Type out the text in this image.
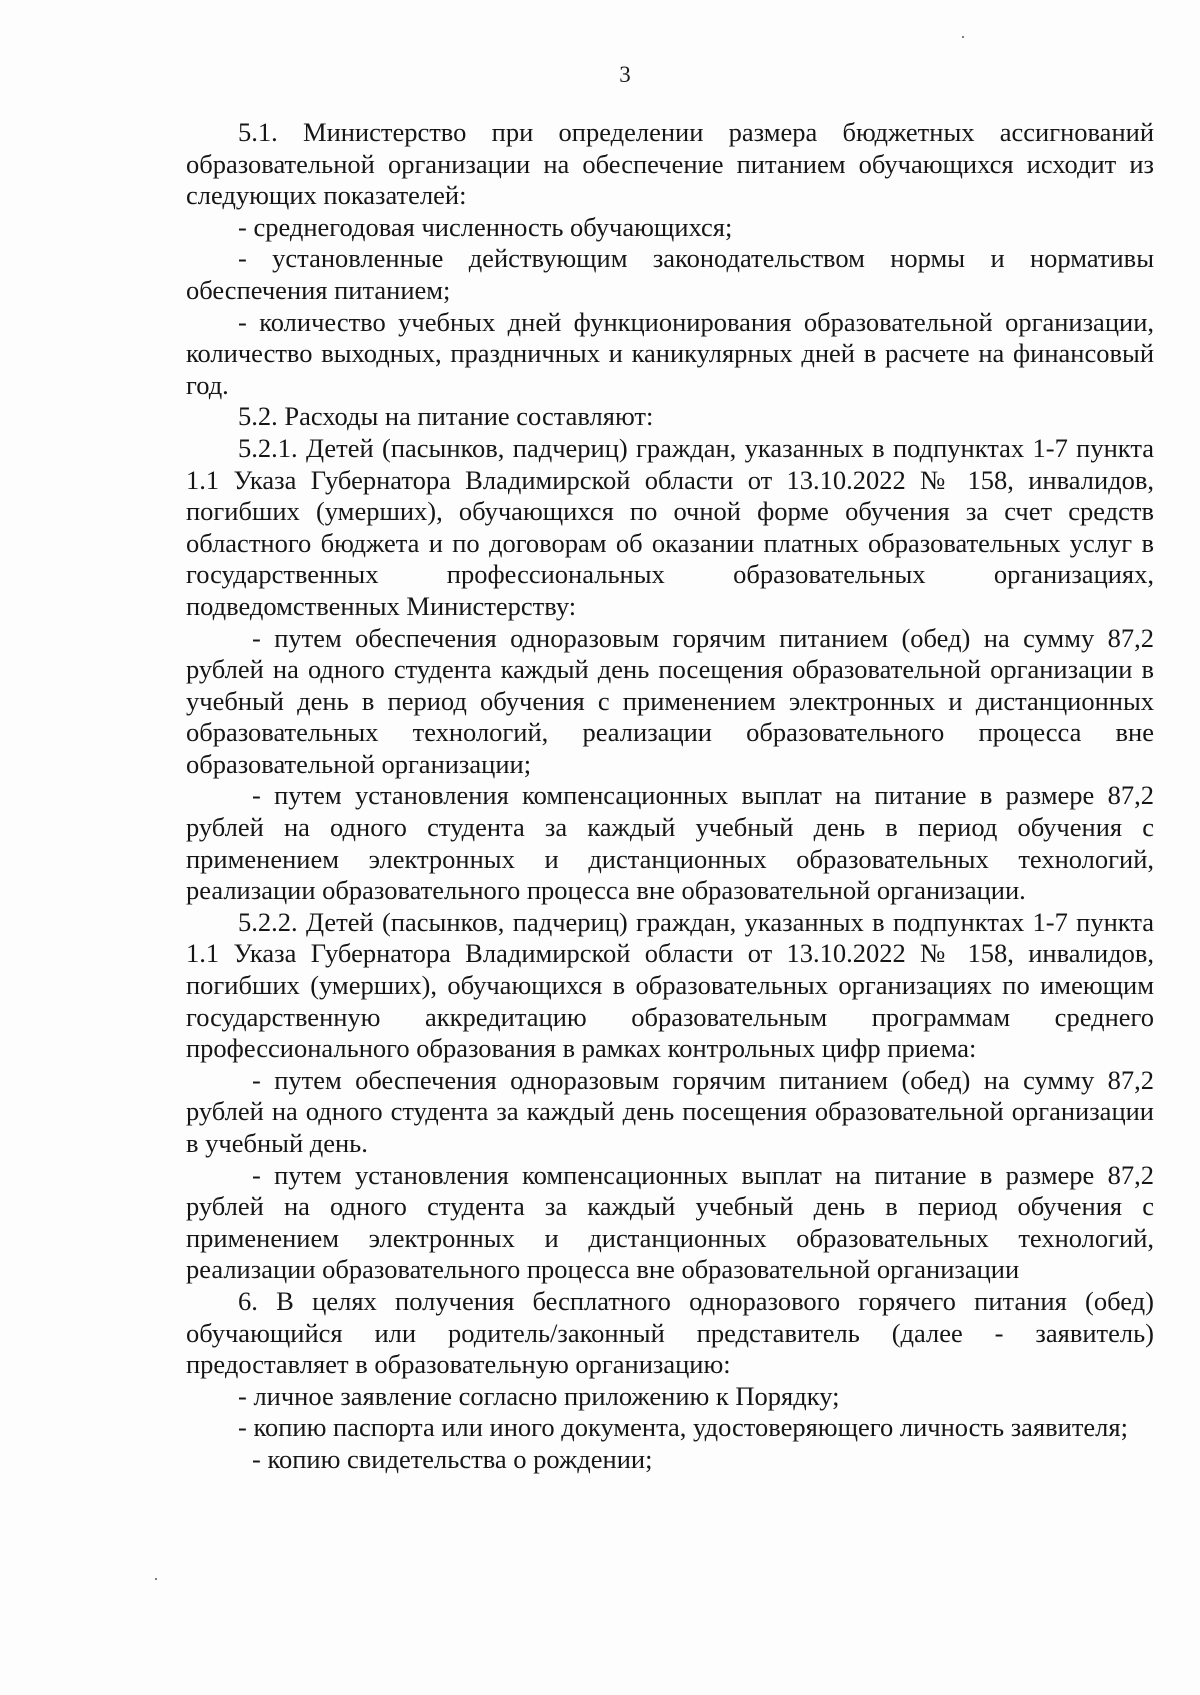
3

5.1. Министерство при определении размера бюджетных ассигнований образовательной организации на обеспечение питанием обучающихся исходит из следующих показателей:

- среднегодовая численность обучающихся;

- установленные действующим законодательством нормы и нормативы обеспечения питанием;

- количество учебных дней функционирования образовательной организации, количество выходных, праздничных и каникулярных дней в расчете на финансовый год.

5.2. Расходы на питание составляют:

5.2.1. Детей (пасынков, падчериц) граждан, указанных в подпунктах 1-7 пункта 1.1 Указа Губернатора Владимирской области от 13.10.2022 № 158, инвалидов, погибших (умерших), обучающихся по очной форме обучения за счет средств областного бюджета и по договорам об оказании платных образовательных услуг в государственных профессиональных образовательных организациях, подведомственных Министерству:

- путем обеспечения одноразовым горячим питанием (обед) на сумму 87,2 рублей на одного студента каждый день посещения образовательной организации в учебный день в период обучения с применением электронных и дистанционных образовательных технологий, реализации образовательного процесса вне образовательной организации;

- путем установления компенсационных выплат на питание в размере 87,2 рублей на одного студента за каждый учебный день в период обучения с применением электронных и дистанционных образовательных технологий, реализации образовательного процесса вне образовательной организации.

5.2.2. Детей (пасынков, падчериц) граждан, указанных в подпунктах 1-7 пункта 1.1 Указа Губернатора Владимирской области от 13.10.2022 № 158, инвалидов, погибших (умерших), обучающихся в образовательных организациях по имеющим государственную аккредитацию образовательным программам среднего профессионального образования в рамках контрольных цифр приема:

- путем обеспечения одноразовым горячим питанием (обед) на сумму 87,2 рублей на одного студента за каждый день посещения образовательной организации в учебный день.

- путем установления компенсационных выплат на питание в размере 87,2 рублей на одного студента за каждый учебный день в период обучения с применением электронных и дистанционных образовательных технологий, реализации образовательного процесса вне образовательной организации

6. В целях получения бесплатного одноразового горячего питания (обед) обучающийся или родитель/законный представитель (далее - заявитель) предоставляет в образовательную организацию:

- личное заявление согласно приложению к Порядку;

- копию паспорта или иного документа, удостоверяющего личность заявителя;

- копию свидетельства о рождении;
